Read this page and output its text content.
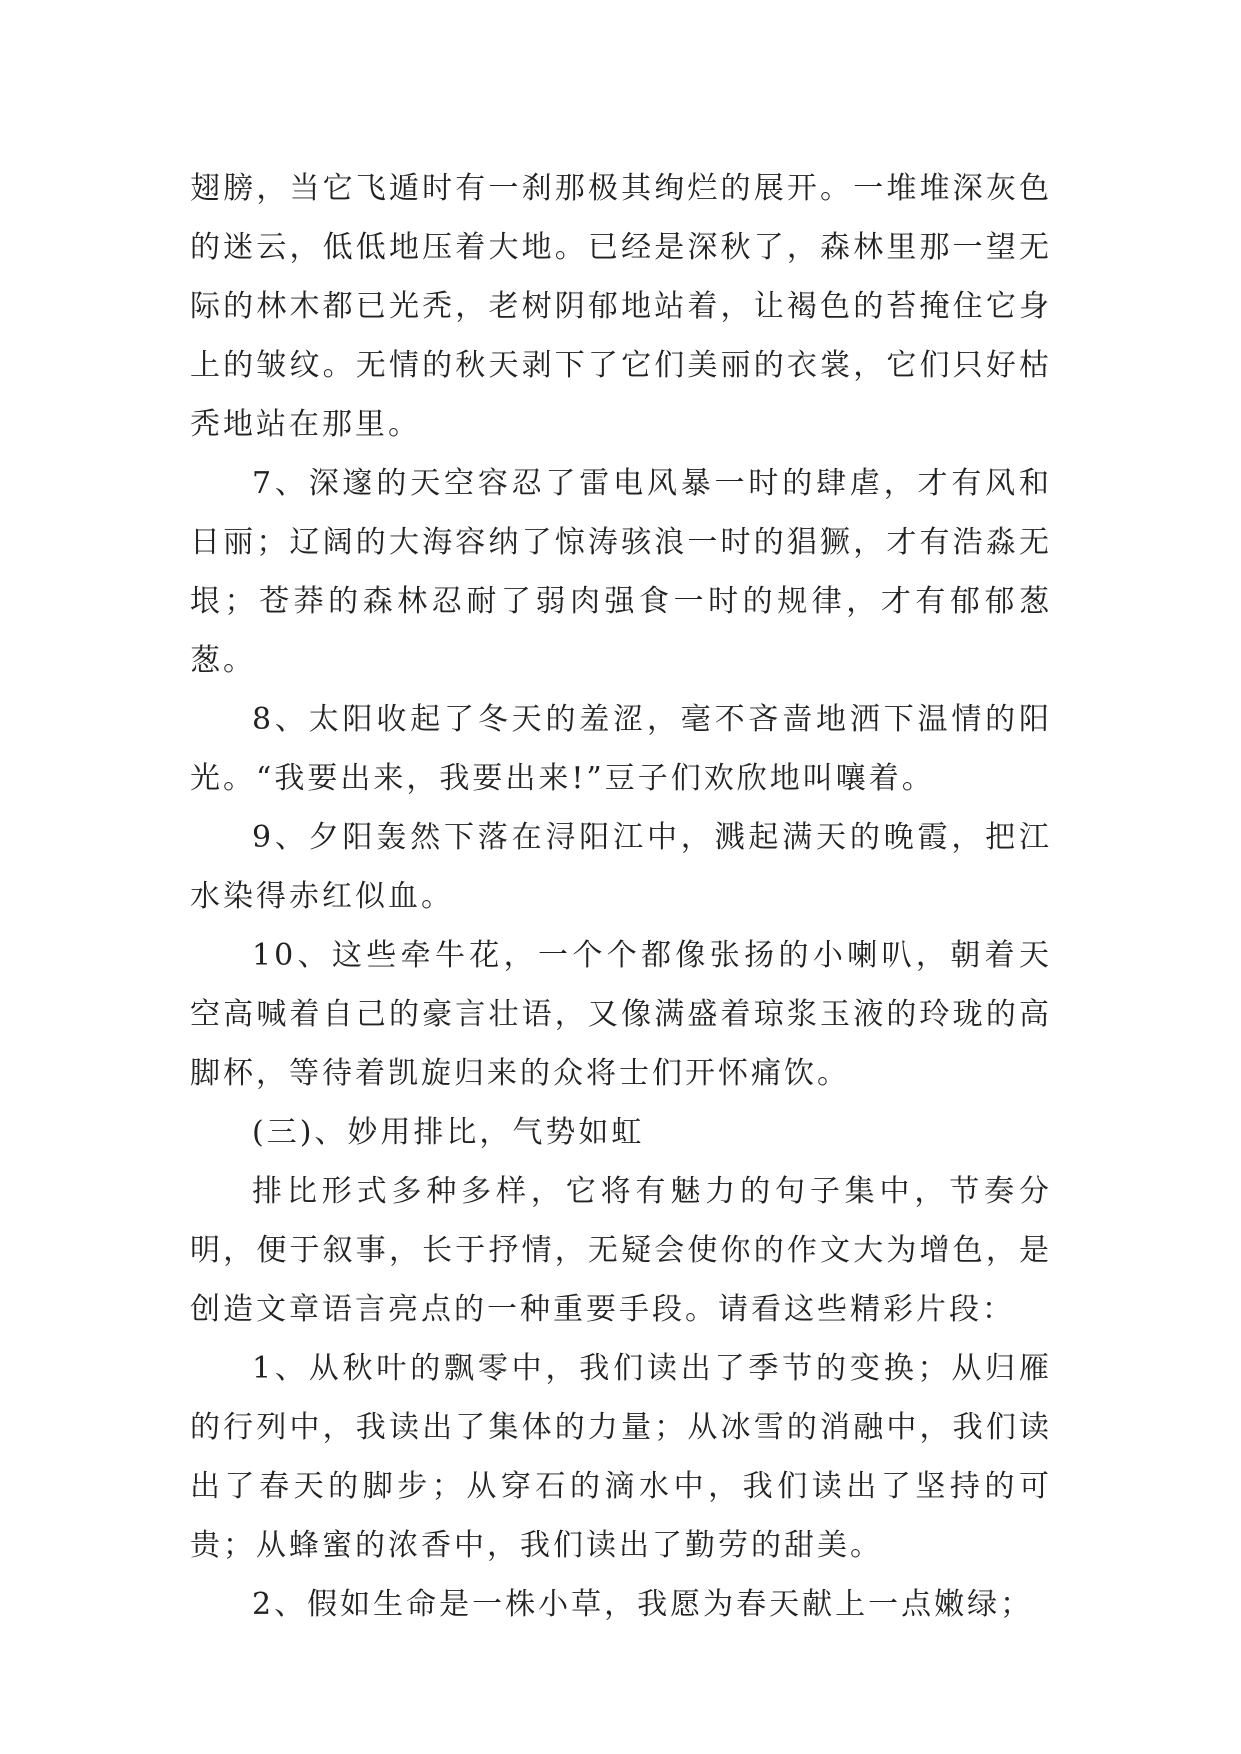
翅膀，当它飞遁时有一刹那极其绚烂的展开。一堆堆深灰色的迷云，低低地压着大地。已经是深秋了，森林里那一望无际的林木都已光秃，老树阴郁地站着，让褐色的苔掩住它身上的皱纹。无情的秋天剥下了它们美丽的衣裳，它们只好枯秃地站在那里。

7、深邃的天空容忍了雷电风暴一时的肆虐，才有风和日丽；辽阔的大海容纳了惊涛骇浪一时的猖獗，才有浩淼无垠；苍莽的森林忍耐了弱肉强食一时的规律，才有郁郁葱葱。

8、太阳收起了冬天的羞涩，毫不吝啬地洒下温情的阳光。“我要出来，我要出来!”豆子们欢欣地叫嚷着。

9、夕阳轰然下落在浔阳江中，溅起满天的晚霞，把江水染得赤红似血。

10、这些牵牛花，一个个都像张扬的小喇叭，朝着天空高喊着自己的豪言壮语，又像满盛着琼浆玉液的玲珑的高脚杯，等待着凯旋归来的众将士们开怀痛饮。

(三)、妙用排比，气势如虹

排比形式多种多样，它将有魅力的句子集中，节奏分明，便于叙事，长于抒情，无疑会使你的作文大为增色，是创造文章语言亮点的一种重要手段。请看这些精彩片段：

1、从秋叶的飘零中，我们读出了季节的变换；从归雁的行列中，我读出了集体的力量；从冰雪的消融中，我们读出了春天的脚步；从穿石的滴水中，我们读出了坚持的可贵；从蜂蜜的浓香中，我们读出了勤劳的甜美。

2、假如生命是一株小草，我愿为春天献上一点嫩绿；
